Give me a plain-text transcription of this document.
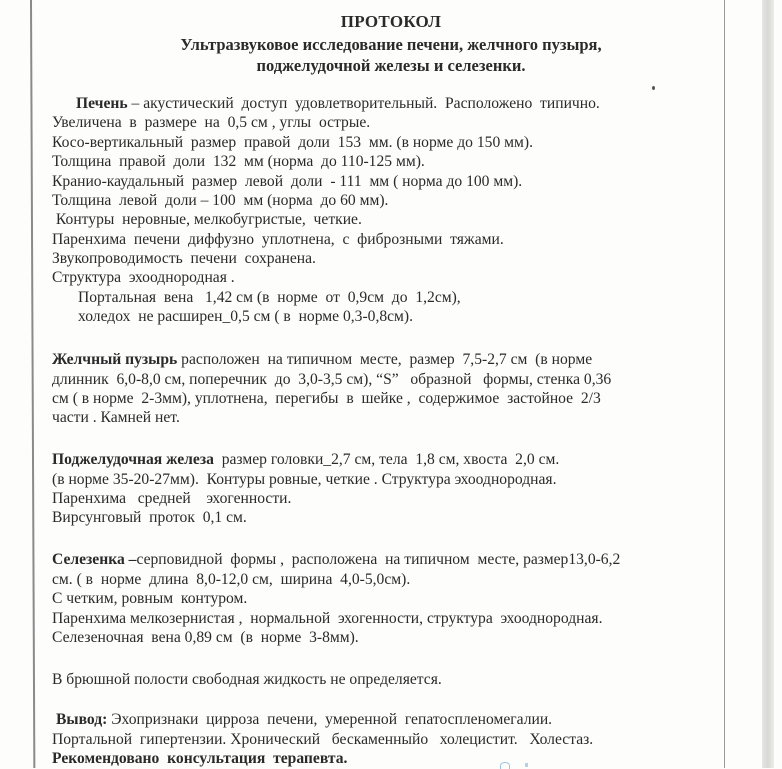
ПРОТОКОЛ
Ультразвуковое исследование печени, желчного пузыря,
поджелудочной железы и селезенки.
Печень – акустический  доступ  удовлетворительный.  Расположено  типично.
Увеличена  в  размере  на  0,5 см , углы  острые.
Косо-вертикальный  размер  правой  доли  153  мм. (в норме до 150 мм).
Толщина  правой  доли  132  мм (норма  до 110-125 мм).
Кранио-каудальный  размер  левой  доли  - 111  мм ( норма до 100 мм).
Толщина  левой  доли – 100  мм (норма  до 60 мм).
Контуры  неровные, мелкобугристые,  четкие.
Паренхима  печени  диффузно  уплотнена,  с  фиброзными  тяжами.
Звукопроводимость  печени  сохранена.
Структура  эхооднородная .
Портальная  вена   1,42 см (в  норме  от  0,9см  до  1,2см),
холедох  не расширен_0,5 см ( в  норме 0,3-0,8см).
Желчный пузырь расположен  на типичном  месте,  размер  7,5-2,7 см  (в норме
длинник  6,0-8,0 см, поперечник  до  3,0-3,5 см), “S”   образной   формы, стенка 0,36
см ( в норме  2-3мм), уплотнена,  перегибы  в  шейке ,  содержимое  застойное  2/3
части . Камней нет.
Поджелудочная железа  размер головки_2,7 см, тела  1,8 см, хвоста  2,0 см.
(в норме 35-20-27мм).  Контуры ровные, четкие . Структура эхооднородная.
Паренхима   средней    эхогенности.
Вирсунговый  проток  0,1 см.
Селезенка –серповидной  формы ,  расположена  на типичном  месте, размер13,0-6,2
см. ( в  норме  длина  8,0-12,0 см,  ширина  4,0-5,0см).
С четким, ровным  контуром.
Паренхима мелкозернистая ,  нормальной  эхогенности, структура  эхооднородная.
Селезеночная  вена 0,89 см  (в  норме  3-8мм).
В брюшной полости свободная жидкость не определяется.
Вывод: Эхопризнаки  цирроза  печени,  умеренной  гепатоспленомегалии.
Портальной  гипертензии. Хронический   бескаменныйо   холецистит.   Холестаз.
Рекомендовано  консультация  терапевта.
